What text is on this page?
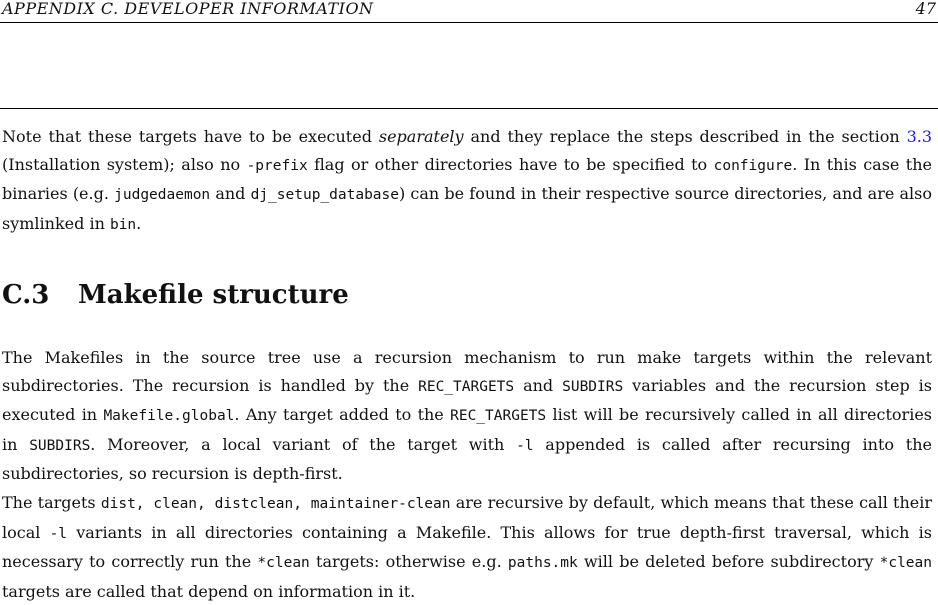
APPENDIX C. DEVELOPER INFORMATION	47
Note that these targets have to be executed separately and they replace the steps described in the section 3.3 (Installation system); also no -prefix flag or other directories have to be specified to configure. In this case the binaries (e.g. judgedaemon and dj_setup_database) can be found in their respective source directories, and are also symlinked in bin.
C.3 Makefile structure
The Makefiles in the source tree use a recursion mechanism to run make targets within the relevant subdirectories. The recursion is handled by the REC_TARGETS and SUBDIRS variables and the recursion step is executed in Makefile.global. Any target added to the REC_TARGETS list will be recursively called in all directories in SUBDIRS. Moreover, a local variant of the target with -l appended is called after recursing into the subdirectories, so recursion is depth-first.
The targets dist, clean, distclean, maintainer-clean are recursive by default, which means that these call their local -l variants in all directories containing a Makefile. This allows for true depth-first traversal, which is necessary to correctly run the *clean targets: otherwise e.g. paths.mk will be deleted before subdirectory *clean targets are called that depend on information in it.
